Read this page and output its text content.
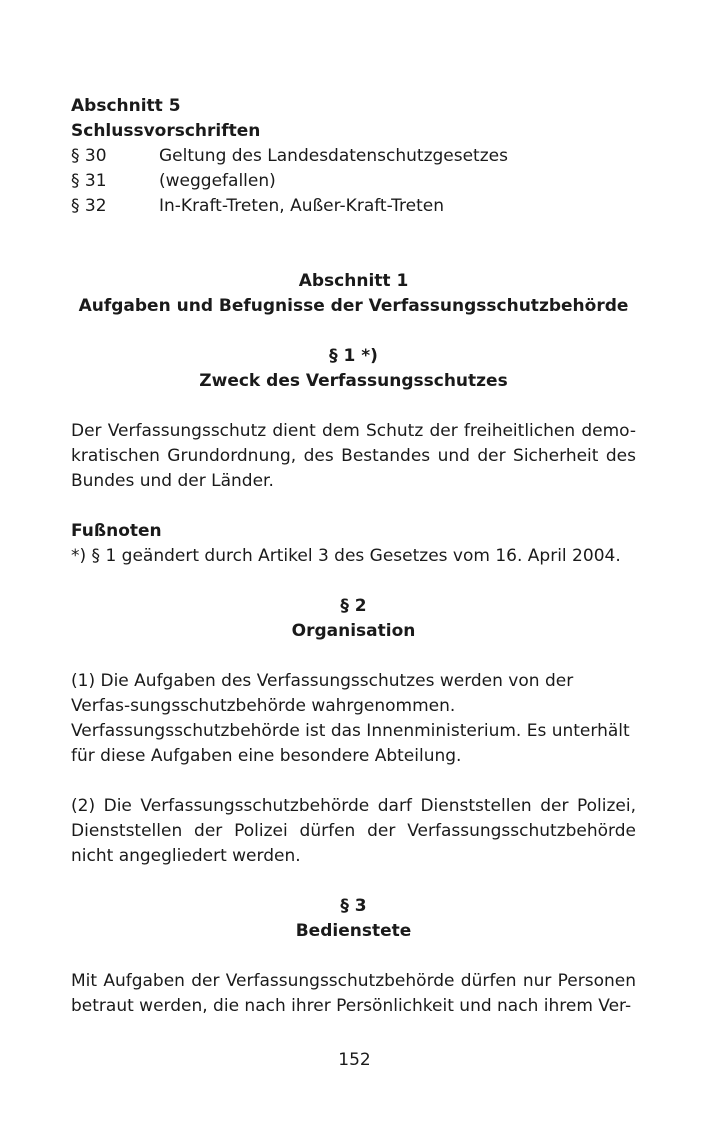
Abschnitt 5
Schlussvorschriften
§ 30	Geltung des Landesdatenschutzgesetzes
§ 31	(weggefallen)
§ 32	In-Kraft-Treten, Außer-Kraft-Treten
Abschnitt 1
Aufgaben und Befugnisse der Verfassungsschutzbehörde
§ 1 *)
Zweck des Verfassungsschutzes
Der Verfassungsschutz dient dem Schutz der freiheitlichen demo-kratischen Grundordnung, des Bestandes und der Sicherheit des Bundes und der Länder.
Fußnoten
*) § 1 geändert durch Artikel 3 des Gesetzes vom 16. April 2004.
§ 2
Organisation
(1) Die Aufgaben des Verfassungsschutzes werden von der Verfas-sungsschutzbehörde wahrgenommen. Verfassungsschutzbehörde ist das Innenministerium. Es unterhält für diese Aufgaben eine besondere Abteilung.
(2) Die Verfassungsschutzbehörde darf Dienststellen der Polizei, Dienststellen der Polizei dürfen der Verfassungsschutzbehörde nicht angegliedert werden.
§ 3
Bedienstete
Mit Aufgaben der Verfassungsschutzbehörde dürfen nur Personen betraut werden, die nach ihrer Persönlichkeit und nach ihrem Ver-
152
